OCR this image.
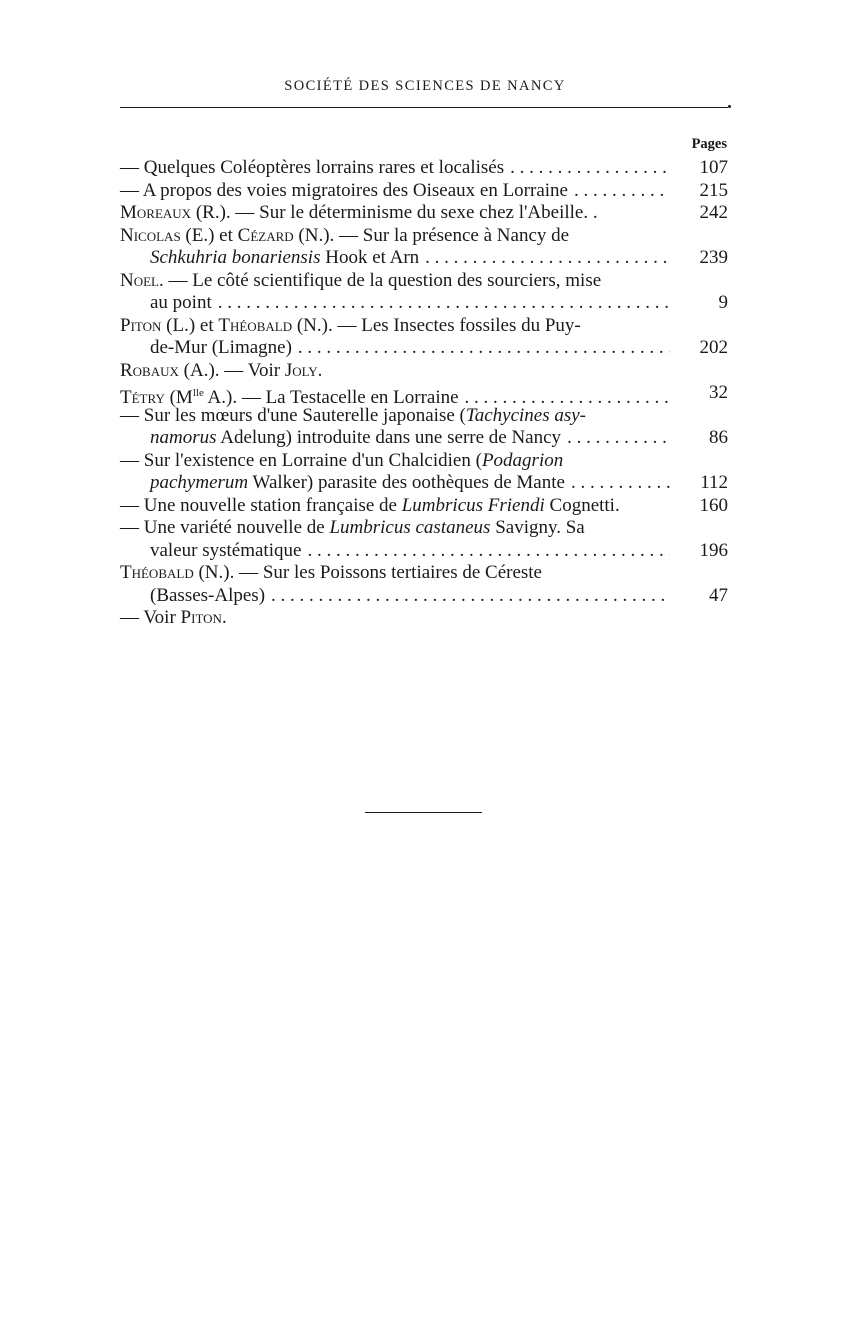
SOCIÉTÉ DES SCIENCES DE NANCY
Pages
— Quelques Coléoptères lorrains rares et localisés . . .	107
— A propos des voies migratoires des Oiseaux en Lorraine . . .	215
Moreaux (R.). — Sur le déterminisme du sexe chez l'Abeille. .	242
Nicolas (E.) et Cézard (N.). — Sur la présence à Nancy de
Schkuhria bonariensis Hook et Arn . . .	239
Noel. — Le côté scientifique de la question des sourciers, mise
au point . . .	9
Piton (L.) et Théobald (N.). — Les Insectes fossiles du Puy-
de-Mur (Limagne) . . .	202
Robaux (A.). — Voir Joly.
Tétry ($M^{lle}$ A.). — La Testacelle en Lorraine . . .	32
— Sur les mœurs d'une Sauterelle japonaise (Tachycines asy-
namorus Adelung) introduite dans une serre de Nancy . . .	86
— Sur l'existence en Lorraine d'un Chalcidien (Podagrion
pachymerum Walker) parasite des oothèques de Mante . . .	112
— Une nouvelle station française de Lumbricus Friendi Cognetti.	160
— Une variété nouvelle de Lumbricus castaneus Savigny. Sa
valeur systématique . . .	196
Théobald (N.). — Sur les Poissons tertiaires de Céreste
(Basses-Alpes) . . .	47
— Voir Piton.
